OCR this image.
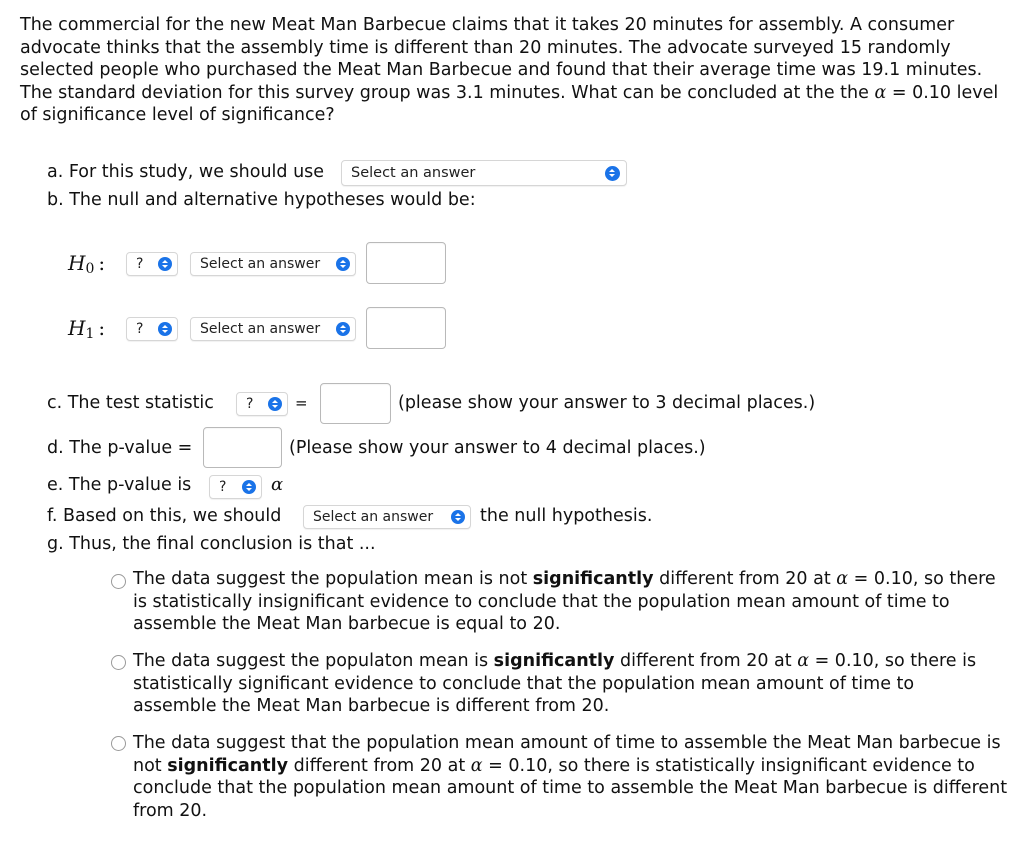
The commercial for the new Meat Man Barbecue claims that it takes 20 minutes for assembly. A consumer advocate thinks that the assembly time is different than 20 minutes. The advocate surveyed 15 randomly selected people who purchased the Meat Man Barbecue and found that their average time was 19.1 minutes. The standard deviation for this survey group was 3.1 minutes. What can be concluded at the the α = 0.10 level of significance level of significance?
a. For this study, we should use	Select an answer
b. The null and alternative hypotheses would be:
$H_0$ :	?	Select an answer
$H_1$ :	?	Select an answer
c. The test statistic	?	=	(please show your answer to 3 decimal places.)
d. The p-value =	(Please show your answer to 4 decimal places.)
e. The p-value is	?	α
f. Based on this, we should	Select an answer	the null hypothesis.
g. Thus, the final conclusion is that ...
The data suggest the population mean is not significantly different from 20 at α = 0.10, so there is statistically insignificant evidence to conclude that the population mean amount of time to assemble the Meat Man barbecue is equal to 20.
The data suggest the populaton mean is significantly different from 20 at α = 0.10, so there is statistically significant evidence to conclude that the population mean amount of time to assemble the Meat Man barbecue is different from 20.
The data suggest that the population mean amount of time to assemble the Meat Man barbecue is not significantly different from 20 at α = 0.10, so there is statistically insignificant evidence to conclude that the population mean amount of time to assemble the Meat Man barbecue is different from 20.
